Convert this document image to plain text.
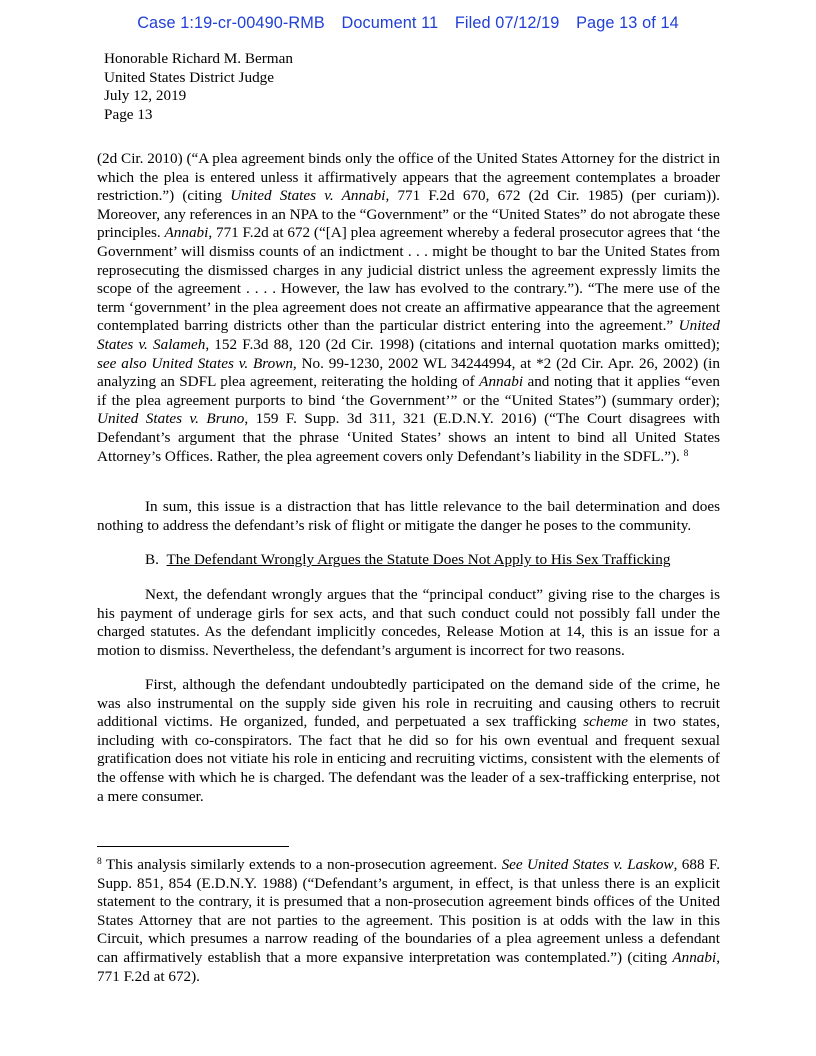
Case 1:19-cr-00490-RMB Document 11 Filed 07/12/19 Page 13 of 14
Honorable Richard M. Berman
United States District Judge
July 12, 2019
Page 13

(2d Cir. 2010) (“A plea agreement binds only the office of the United States Attorney for the district in which the plea is entered unless it affirmatively appears that the agreement contemplates a broader restriction.”) (citing United States v. Annabi, 771 F.2d 670, 672 (2d Cir. 1985) (per curiam)). Moreover, any references in an NPA to the “Government” or the “United States” do not abrogate these principles. Annabi, 771 F.2d at 672 (“[A] plea agreement whereby a federal prosecutor agrees that ‘the Government’ will dismiss counts of an indictment . . . might be thought to bar the United States from reprosecuting the dismissed charges in any judicial district unless the agreement expressly limits the scope of the agreement . . . . However, the law has evolved to the contrary.”). “The mere use of the term ‘government’ in the plea agreement does not create an affirmative appearance that the agreement contemplated barring districts other than the particular district entering into the agreement.” United States v. Salameh, 152 F.3d 88, 120 (2d Cir. 1998) (citations and internal quotation marks omitted); see also United States v. Brown, No. 99-1230, 2002 WL 34244994, at *2 (2d Cir. Apr. 26, 2002) (in analyzing an SDFL plea agreement, reiterating the holding of Annabi and noting that it applies “even if the plea agreement purports to bind ‘the Government’” or the “United States”) (summary order); United States v. Bruno, 159 F. Supp. 3d 311, 321 (E.D.N.Y. 2016) (“The Court disagrees with Defendant’s argument that the phrase ‘United States’ shows an intent to bind all United States Attorney’s Offices. Rather, the plea agreement covers only Defendant’s liability in the SDFL.”). $^8$

In sum, this issue is a distraction that has little relevance to the bail determination and does nothing to address the defendant’s risk of flight or mitigate the danger he poses to the community.

B. The Defendant Wrongly Argues the Statute Does Not Apply to His Sex Trafficking

Next, the defendant wrongly argues that the “principal conduct” giving rise to the charges is his payment of underage girls for sex acts, and that such conduct could not possibly fall under the charged statutes. As the defendant implicitly concedes, Release Motion at 14, this is an issue for a motion to dismiss. Nevertheless, the defendant’s argument is incorrect for two reasons.

First, although the defendant undoubtedly participated on the demand side of the crime, he was also instrumental on the supply side given his role in recruiting and causing others to recruit additional victims. He organized, funded, and perpetuated a sex trafficking scheme in two states, including with co-conspirators. The fact that he did so for his own eventual and frequent sexual gratification does not vitiate his role in enticing and recruiting victims, consistent with the elements of the offense with which he is charged. The defendant was the leader of a sex-trafficking enterprise, not a mere consumer.

$^8$ This analysis similarly extends to a non-prosecution agreement. See United States v. Laskow, 688 F. Supp. 851, 854 (E.D.N.Y. 1988) (“Defendant’s argument, in effect, is that unless there is an explicit statement to the contrary, it is presumed that a non-prosecution agreement binds offices of the United States Attorney that are not parties to the agreement. This position is at odds with the law in this Circuit, which presumes a narrow reading of the boundaries of a plea agreement unless a defendant can affirmatively establish that a more expansive interpretation was contemplated.”) (citing Annabi, 771 F.2d at 672).
